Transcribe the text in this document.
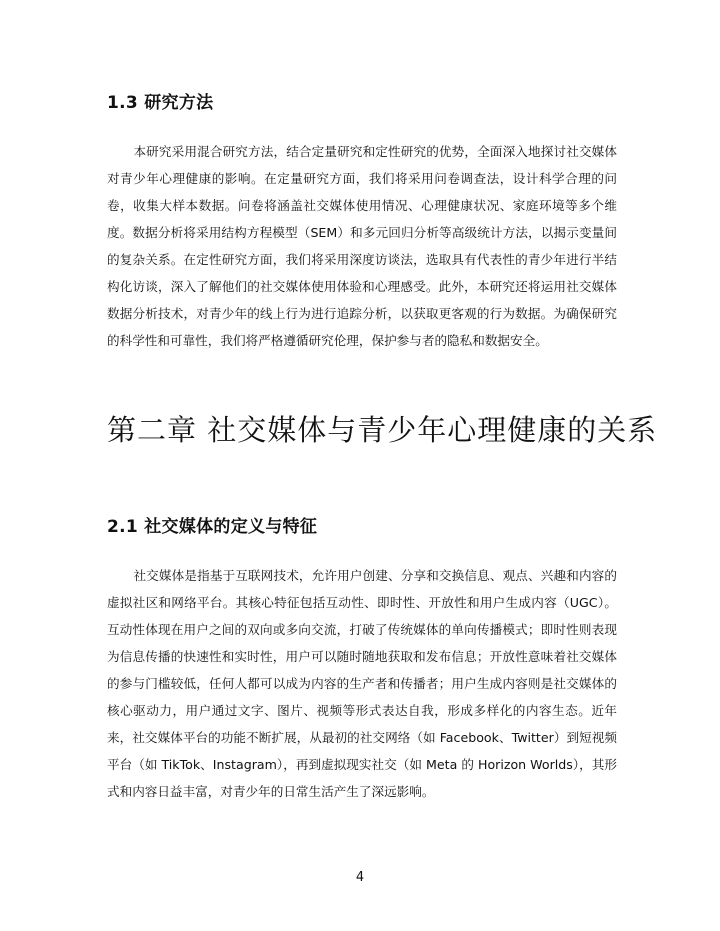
1.3 研究方法

本研究采用混合研究方法，结合定量研究和定性研究的优势，全面深入地探讨社交媒体对青少年心理健康的影响。在定量研究方面，我们将采用问卷调查法，设计科学合理的问卷，收集大样本数据。问卷将涵盖社交媒体使用情况、心理健康状况、家庭环境等多个维度。数据分析将采用结构方程模型（SEM）和多元回归分析等高级统计方法，以揭示变量间的复杂关系。在定性研究方面，我们将采用深度访谈法，选取具有代表性的青少年进行半结构化访谈，深入了解他们的社交媒体使用体验和心理感受。此外，本研究还将运用社交媒体数据分析技术，对青少年的线上行为进行追踪分析，以获取更客观的行为数据。为确保研究的科学性和可靠性，我们将严格遵循研究伦理，保护参与者的隐私和数据安全。

第二章 社交媒体与青少年心理健康的关系
2.1 社交媒体的定义与特征

社交媒体是指基于互联网技术，允许用户创建、分享和交换信息、观点、兴趣和内容的虚拟社区和网络平台。其核心特征包括互动性、即时性、开放性和用户生成内容（UGC）。互动性体现在用户之间的双向或多向交流，打破了传统媒体的单向传播模式；即时性则表现为信息传播的快速性和实时性，用户可以随时随地获取和发布信息；开放性意味着社交媒体的参与门槛较低，任何人都可以成为内容的生产者和传播者；用户生成内容则是社交媒体的核心驱动力，用户通过文字、图片、视频等形式表达自我，形成多样化的内容生态。近年来，社交媒体平台的功能不断扩展，从最初的社交网络（如 Facebook、Twitter）到短视频平台（如 TikTok、Instagram），再到虚拟现实社交（如 Meta 的 Horizon Worlds），其形式和内容日益丰富，对青少年的日常生活产生了深远影响。

4
